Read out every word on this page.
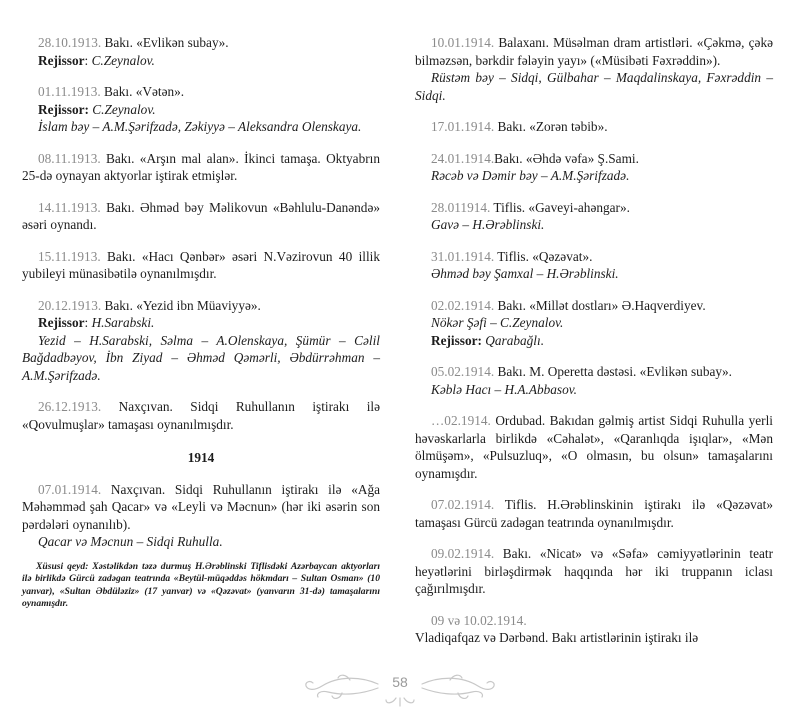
28.10.1913. Bakı. «Evlikən subay».

Rejissor: C.Zeynalov.

01.11.1913. Bakı. «Vətən».

Rejissor: C.Zeynalov.

İslam bəy – A.M.Şərifzadə, Zəkiyyə – Aleksandra Olenskaya.

08.11.1913. Bakı. «Arşın mal alan». İkinci tamaşa. Oktyabrın 25-də oynayan aktyorlar iştirak etmişlər.

14.11.1913. Bakı. Əhməd bəy Məlikovun «Bəhlulu-Danəndə» əsəri oynandı.

15.11.1913. Bakı. «Hacı Qənbər» əsəri N.Vəzirovun 40 illik yubileyi münasibətilə oynanılmışdır.

20.12.1913. Bakı. «Yezid ibn Müaviyyə».

Rejissor: H.Sarabski.

Yezid – H.Sarabski, Səlma – A.Olenskaya, Şümür – Cəlil Bağdadbəyov, İbn Ziyad – Əhməd Qəmərli, Əbdürrəhman – A.M.Şərifzadə.

26.12.1913. Naxçıvan. Sidqi Ruhullanın iştirakı ilə «Qovulmuşlar» tamaşası oynanılmışdır.

1914

07.01.1914. Naxçıvan. Sidqi Ruhullanın iştirakı ilə «Ağa Məhəmməd şah Qacar» və «Leyli və Məcnun» (hər iki əsərin son pərdələri oynanılıb).

Qacar və Məcnun – Sidqi Ruhulla.

Xüsusi qeyd: Xəstəlikdən təzə durmuş H.Ərəblinski Tiflisdəki Azərbaycan aktyorları ilə birlikdə Gürcü zadəgan teatrında «Beytül-müqəddəs hökmdarı – Sultan Osman» (10 yanvar), «Sultan Əbdüləziz» (17 yanvar) və «Qəzəvat» (yanvarın 31-də) tamaşalarını oynamışdır.

10.01.1914. Balaxanı. Müsəlman dram artistləri. «Çəkmə, çəkə bilməzsən, bərkdir fələyin yayı» («Müsibəti Fəxrəddin»).

Rüstəm bəy – Sidqi, Gülbahar – Maqdalinskaya, Fəxrəddin – Sidqi.

17.01.1914. Bakı. «Zorən təbib».

24.01.1914.Bakı. «Əhdə vəfa» Ş.Sami.

Rəcəb və Dəmir bəy – A.M.Şərifzadə.

28.011914. Tiflis. «Gaveyi-ahəngar».

Gavə – H.Ərəblinski.

31.01.1914. Tiflis. «Qəzəvat».

Əhməd bəy Şamxal – H.Ərəblinski.

02.02.1914. Bakı. «Millət dostları» Ə.Haqverdiyev.

Nökər Şəfi – C.Zeynalov.

Rejissor: Qarabağlı.

05.02.1914. Bakı. M. Operetta dəstəsi. «Evlikən subay».

Kəblə Hacı – H.A.Abbasov.

…02.1914. Ordubad. Bakıdan gəlmiş artist Sidqi Ruhulla yerli həvəskarlarla birlikdə «Cəhalət», «Qaranlıqda işıqlar», «Mən ölmüşəm», «Pulsuzluq», «O olmasın, bu olsun» tamaşalarını oynamışdır.

07.02.1914. Tiflis. H.Ərəblinskinin iştirakı ilə «Qəzəvat» tamaşası Gürcü zadəgan teatrında oynanılmışdır.

09.02.1914. Bakı. «Nicat» və «Səfa» cəmiyyətlərinin teatr heyətlərini birləşdirmək haqqında hər iki truppanın iclası çağırılmışdır.

09 və 10.02.1914.

Vladiqafqaz və Dərbənd. Bakı artistlərinin iştirakı ilə

58
